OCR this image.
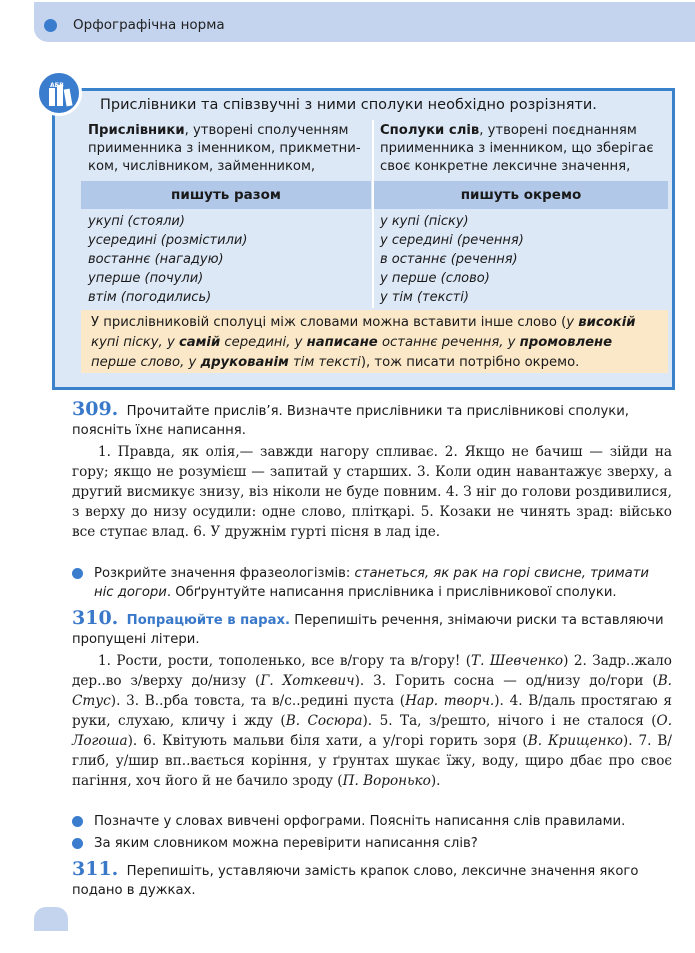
Орфографічна норма
АБВ
Прислівники та співзвучні з ними сполуки необхідно розрізняти.
Прислівники, утворені сполученням
приименника з іменником, прикметни-
ком, числівником, займенником,
Сполуки слів, утворені поєднанням
приименника з іменником, що зберігає
своє конкретне лексичне значення,
пишуть разом	пишуть окремо
укупі (стояли)
усередині (розмістили)
востаннє (нагадую)
уперше (почули)
втім (погодились)
у купі (піску)
у середині (речення)
в останнє (речення)
у перше (слово)
у тім (тексті)
У прислівниковій сполуці між словами можна вставити інше слово (у високій купі піску, у самій середині, у написане останнє речення, у промовлене перше слово, у друкованім тім тексті), тож писати потрібно окремо.
309. Прочитайте прислів’я. Визначте прислівники та прислівникові сполуки, поясніть їхнє написання.
1. Правда, як олія,— завжди нагору спливає. 2. Якщо не бачиш — зійди на гору; якщо не розумієш — запитай у старших. 3. Коли один навантажує зверху, а другий висмикує знизу, віз ніколи не буде повним. 4. З ніг до голови роздивилися, з верху до низу осудили: одне слово, плітқарі. 5. Козаки не чинять зрад: військо все ступає влад. 6. У дружнім гурті пісня в лад іде.
Розкрийте значення фразеологізмів: станеться, як рак на горі свисне, тримати ніс догори. Обґрунтуйте написання прислівника і прислівникової сполуки.
310. Попрацюйте в парах. Перепишіть речення, знімаючи риски та вставляючи пропущені літери.
1. Рости, рости, тополенько, все в/гору та в/гору! (Т. Шевченко) 2. Задр..жало дер..во з/верху до/низу (Г. Хоткевич). 3. Горить сосна — од/низу до/гори (В. Стус). 3. В..рба товста, та в/с..редині пуста (Нар. творч.). 4. В/даль простягаю я руки, слухаю, кличу і жду (В. Сосюра). 5. Та, з/решто, нічого і не сталося (О. Логоша). 6. Квітують мальви біля хати, а у/горі горить зоря (В. Крищенко). 7. В/глиб, у/шир вп..вається коріння, у ґрунтах шукає їжу, воду, щиро дбає про своє пагіння, хоч його й не бачило зроду (П. Воронько).
Позначте у словах вивчені орфограми. Поясніть написання слів правилами.
За яким словником можна перевірити написання слів?
311. Перепишіть, уставляючи замість крапок слово, лексичне значення якого подано в дужках.
